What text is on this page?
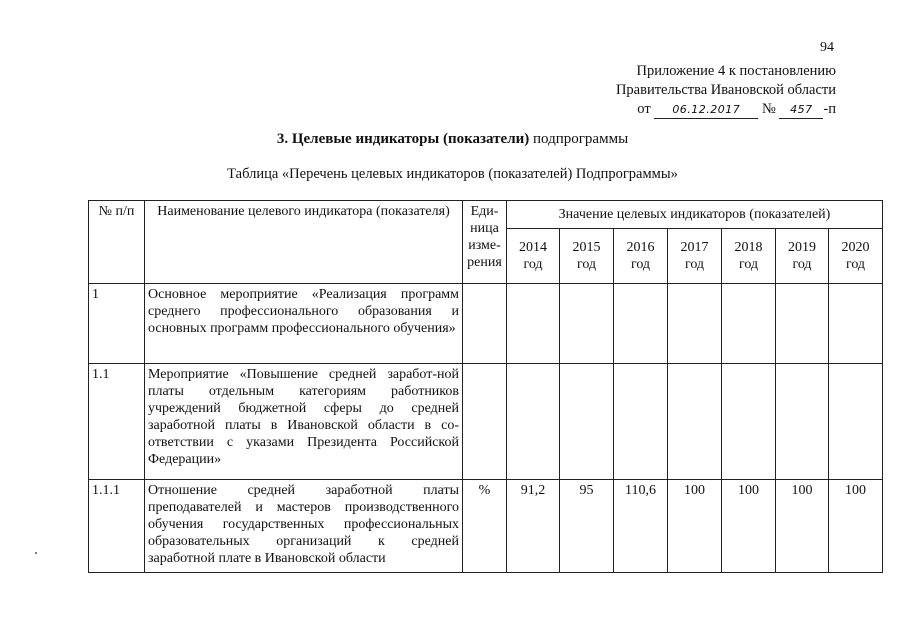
94
Приложение 4 к постановлению
Правительства Ивановской области
от 06.12.2017 № 457 -п
3. Целевые индикаторы (показатели) подпрограммы
Таблица «Перечень целевых индикаторов (показателей) Подпрограммы»
№ п/п	Наименование целевого индикатора (показателя)	Еди-ница изме-рения	Значение целевых индикаторов (показателей)						
			2014 год	2015 год	2016 год	2017 год	2018 год	2019 год	2020 год
1	Основное мероприятие «Реализация программ среднего профессионального образования и основных программ профессионального обучения»								
1.1	Мероприятие «Повышение средней заработ-ной платы отдельным категориям работников учреждений бюджетной сферы до средней заработной платы в Ивановской области в со-ответствии с указами Президента Российской Федерации»								
1.1.1	Отношение средней заработной платы преподавателей и мастеров производственного обучения государственных профессиональных образовательных организаций к средней заработной плате в Ивановской области	%	91,2	95	110,6	100	100	100	100
